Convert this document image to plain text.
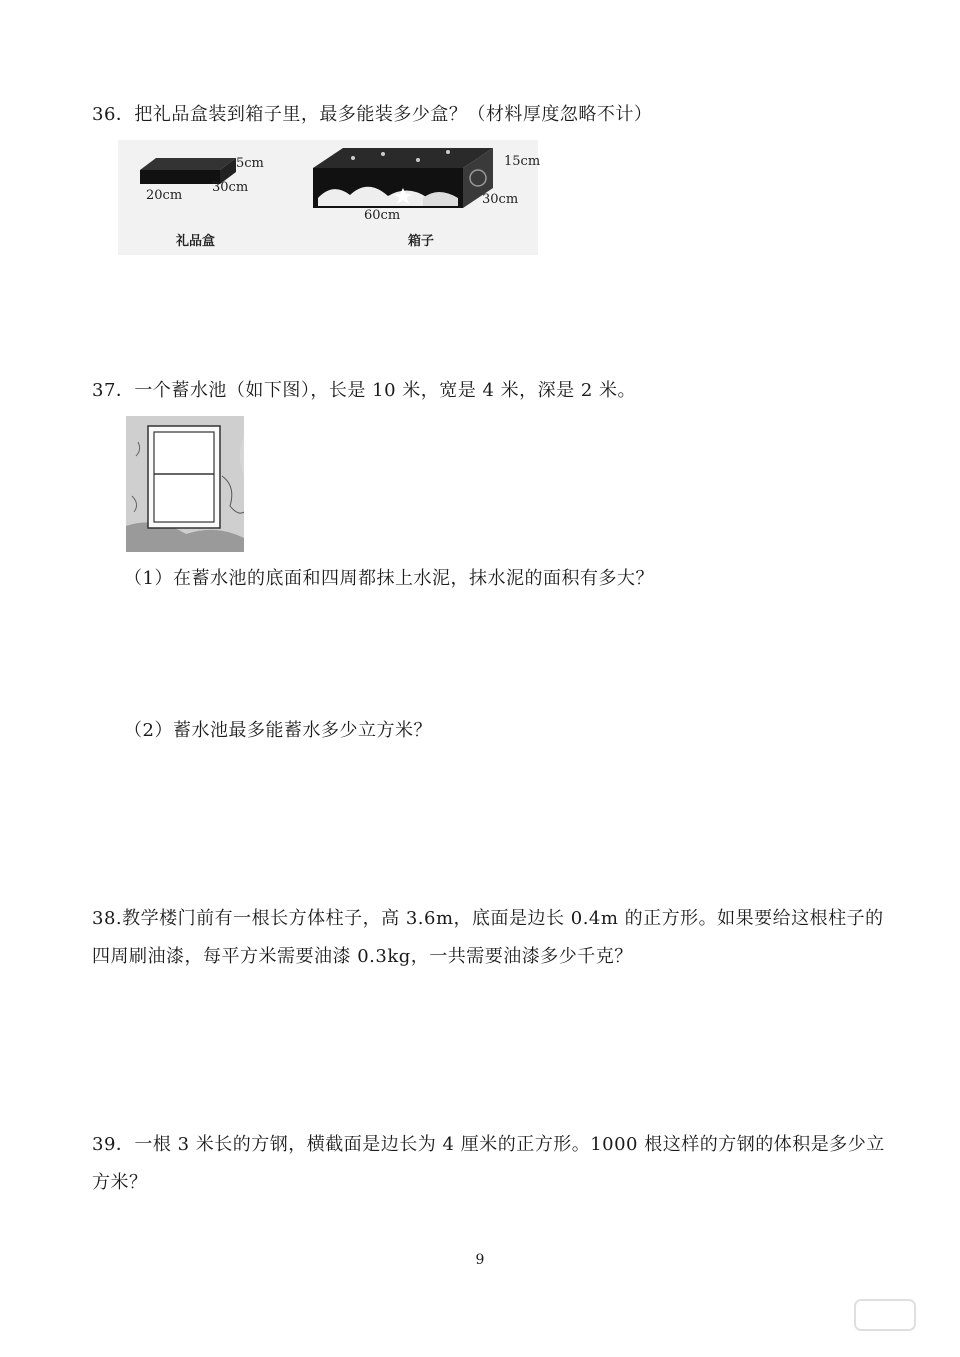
36．把礼品盒装到箱子里，最多能装多少盒？（材料厚度忽略不计）
5cm
20cm
30cm
礼品盒
15cm
30cm
60cm
箱子
37．一个蓄水池（如下图），长是 10 米，宽是 4 米，深是 2 米。
（1）在蓄水池的底面和四周都抹上水泥，抹水泥的面积有多大？
（2）蓄水池最多能蓄水多少立方米？
38.教学楼门前有一根长方体柱子，高 3.6m，底面是边长 0.4m 的正方形。如果要给这根柱子的四周刷油漆，每平方米需要油漆 0.3kg，一共需要油漆多少千克？
39．一根 3 米长的方钢，横截面是边长为 4 厘米的正方形。1000 根这样的方钢的体积是多少立方米？
9
